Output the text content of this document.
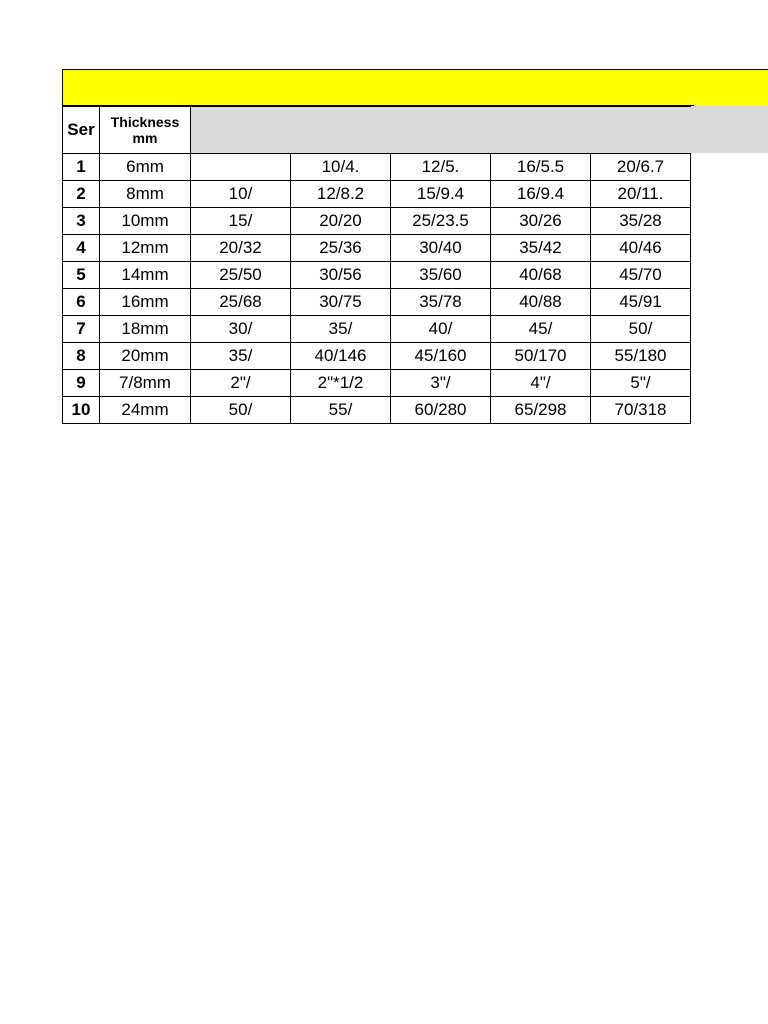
Ser	Thickness mm					
1	6mm		10/4.	12/5.	16/5.5	20/6.7
2	8mm	10/	12/8.2	15/9.4	16/9.4	20/11.
3	10mm	15/	20/20	25/23.5	30/26	35/28
4	12mm	20/32	25/36	30/40	35/42	40/46
5	14mm	25/50	30/56	35/60	40/68	45/70
6	16mm	25/68	30/75	35/78	40/88	45/91
7	18mm	30/	35/	40/	45/	50/
8	20mm	35/	40/146	45/160	50/170	55/180
9	7/8mm	2"/	2"*1/2	3"/	4"/	5"/
10	24mm	50/	55/	60/280	65/298	70/318
